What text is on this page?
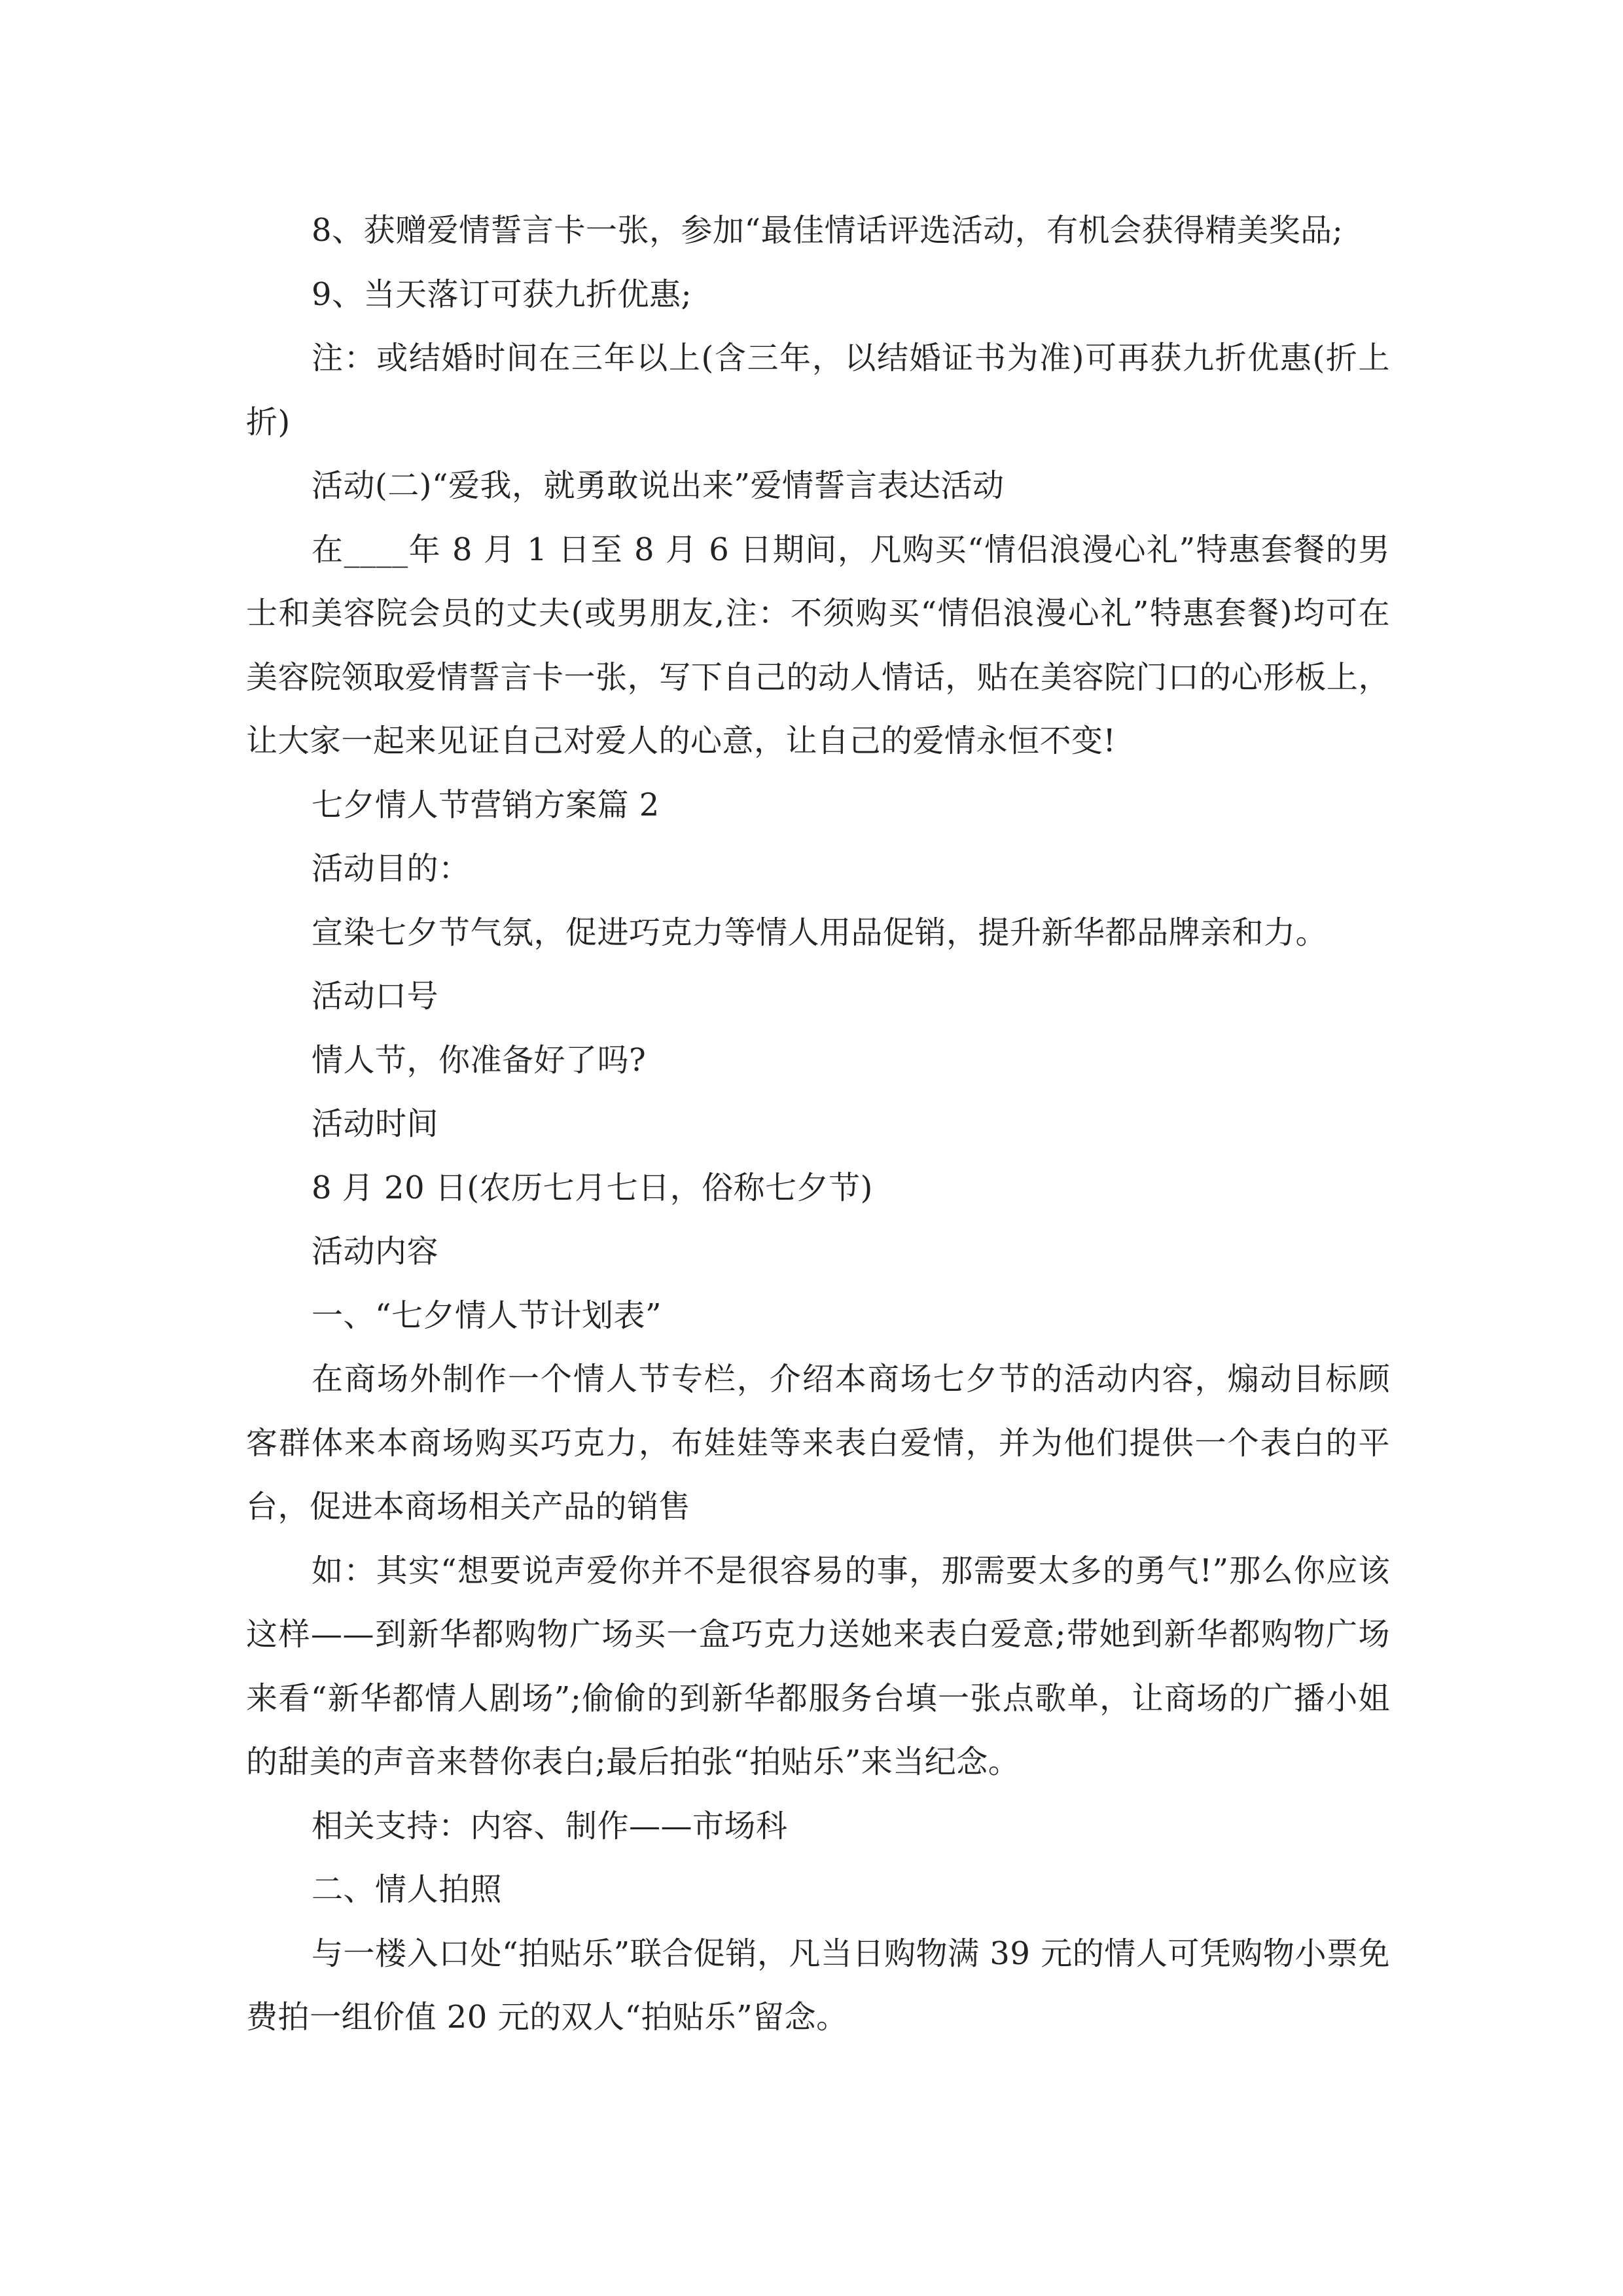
8、获赠爱情誓言卡一张，参加“最佳情话评选活动，有机会获得精美奖品;

9、当天落订可获九折优惠;

注：或结婚时间在三年以上(含三年，以结婚证书为准)可再获九折优惠(折上折)

活动(二)“爱我，就勇敢说出来”爱情誓言表达活动

在____年 8 月 1 日至 8 月 6 日期间，凡购买“情侣浪漫心礼”特惠套餐的男士和美容院会员的丈夫(或男朋友,注：不须购买“情侣浪漫心礼”特惠套餐)均可在美容院领取爱情誓言卡一张，写下自己的动人情话，贴在美容院门口的心形板上，让大家一起来见证自己对爱人的心意，让自己的爱情永恒不变!

七夕情人节营销方案篇 2

活动目的：

宣染七夕节气氛，促进巧克力等情人用品促销，提升新华都品牌亲和力。

活动口号

情人节，你准备好了吗?

活动时间

8 月 20 日(农历七月七日，俗称七夕节)

活动内容

一、“七夕情人节计划表”

在商场外制作一个情人节专栏，介绍本商场七夕节的活动内容，煽动目标顾客群体来本商场购买巧克力，布娃娃等来表白爱情，并为他们提供一个表白的平台，促进本商场相关产品的销售

如：其实“想要说声爱你并不是很容易的事，那需要太多的勇气!”那么你应该这样——到新华都购物广场买一盒巧克力送她来表白爱意;带她到新华都购物广场来看“新华都情人剧场”;偷偷的到新华都服务台填一张点歌单，让商场的广播小姐的甜美的声音来替你表白;最后拍张“拍贴乐”来当纪念。

相关支持：内容、制作——市场科

二、情人拍照

与一楼入口处“拍贴乐”联合促销，凡当日购物满 39 元的情人可凭购物小票免费拍一组价值 20 元的双人“拍贴乐”留念。
